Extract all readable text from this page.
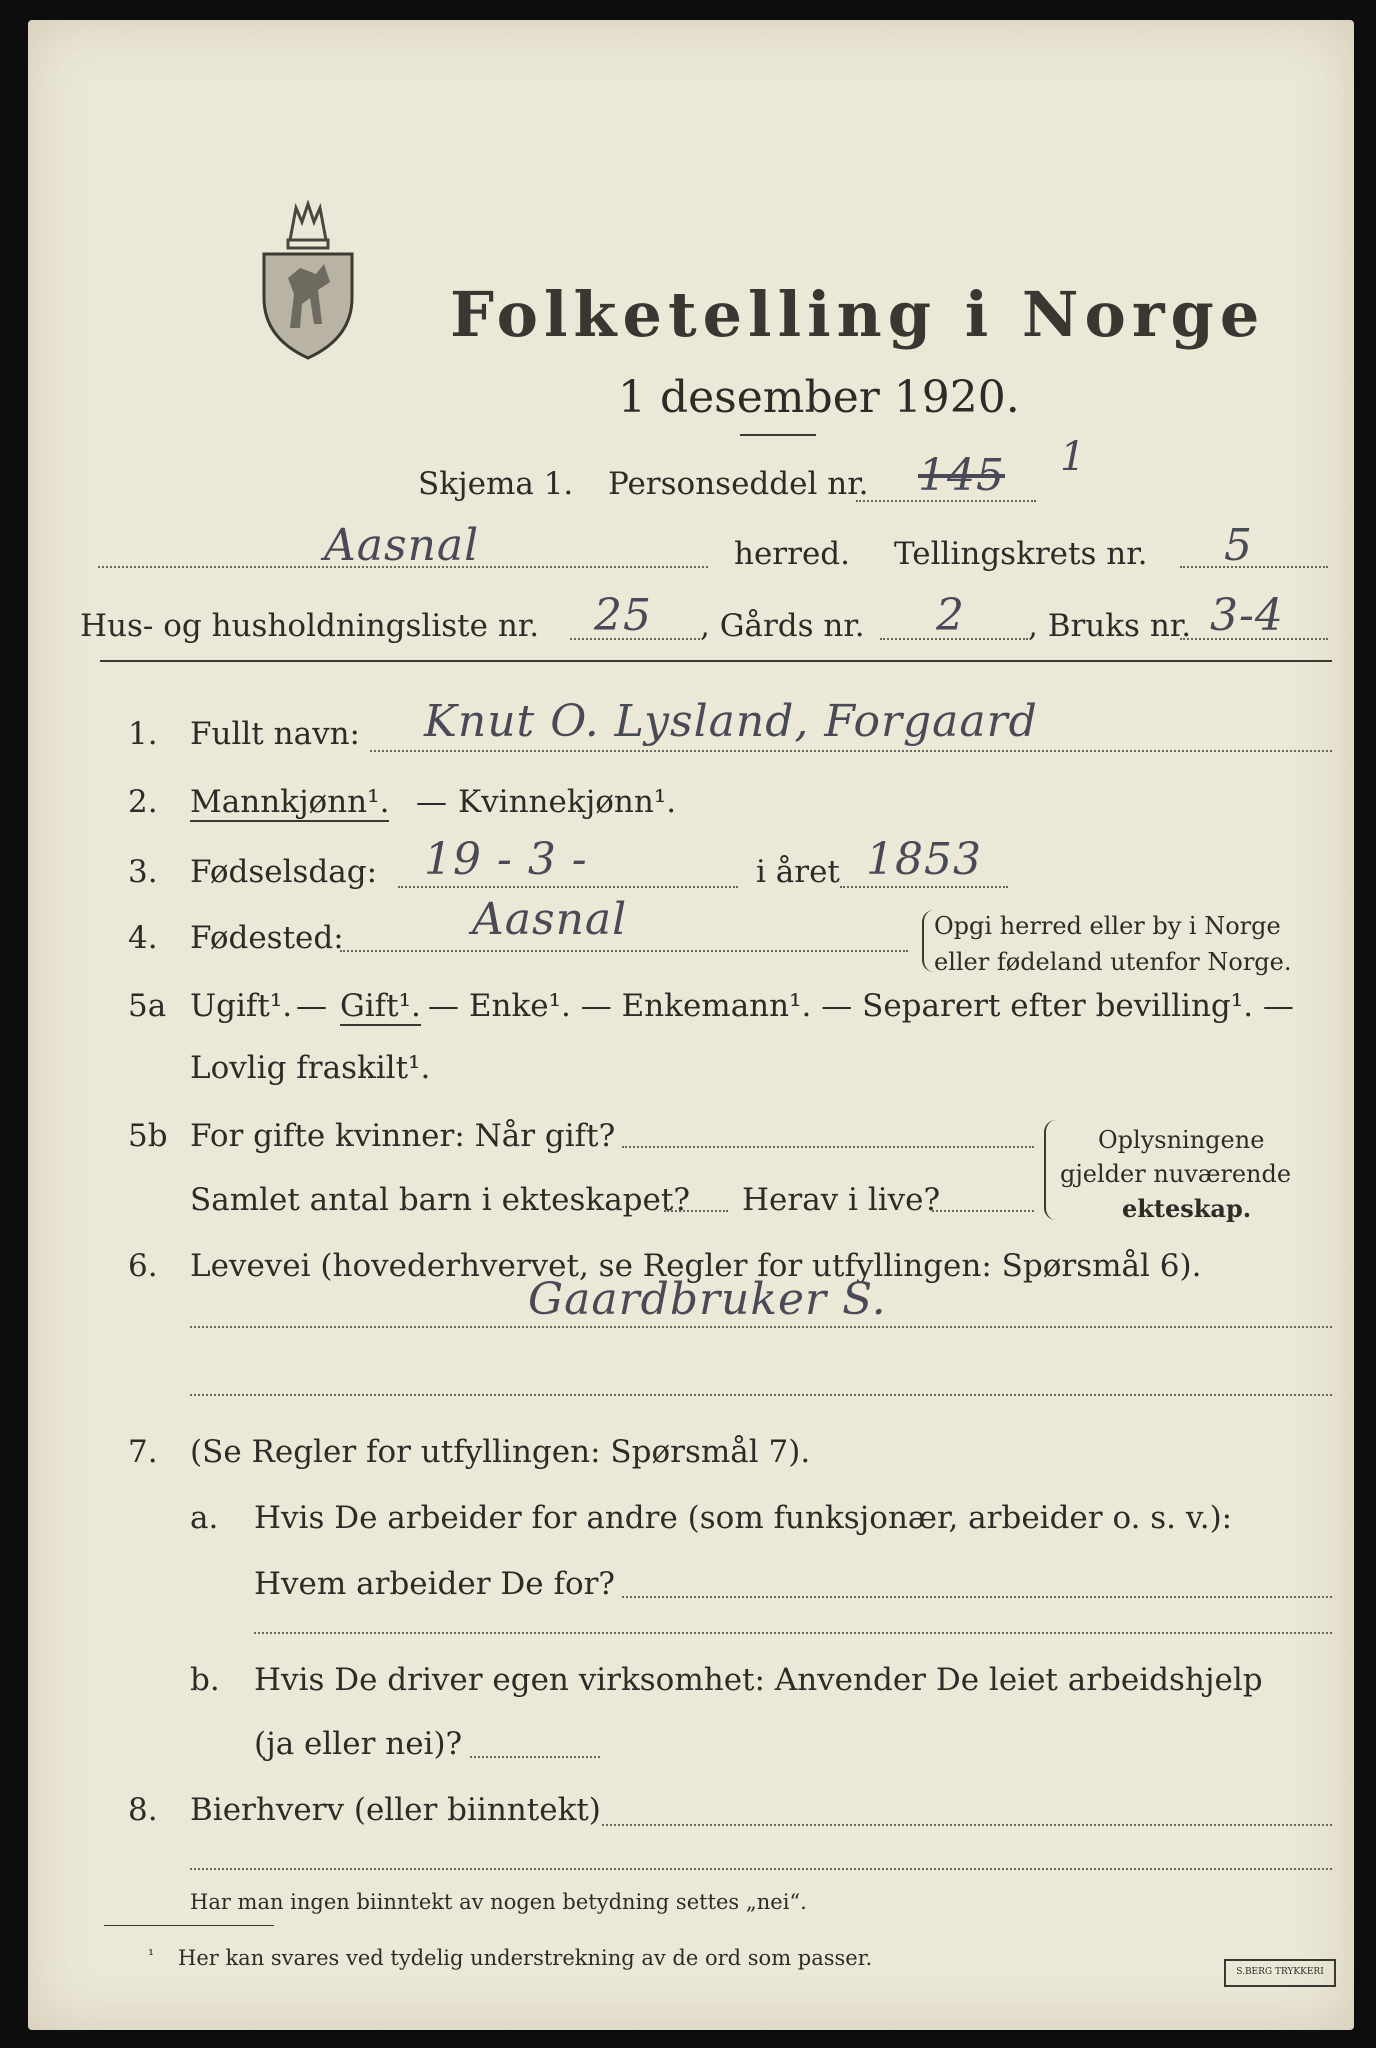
Folketelling i Norge
1 desember 1920.
Skjema 1. Personseddel nr. 145 1
Aasnal	herred. Tellingskrets nr. 5
Hus- og husholdningsliste nr. 25 , Gårds nr. 2 , Bruks nr. 3-4
1. Fullt navn: Knut O. Lysland, Forgaard
2. Mannkjønn¹. — Kvinnekjønn¹.
3. Fødselsdag: 19 - 3 -	i året 1853
4. Fødested:	Aasnal	Opgi herred eller by i Norge
eller fødeland utenfor Norge.
5a Ugift¹. — Gift¹. — Enke¹. — Enkemann¹. — Separert efter bevilling¹. —
Lovlig fraskilt¹.
5b For gifte kvinner: Når gift?
Samlet antal barn i ekteskapet? Herav i live?
Oplysningene
gjelder nuværende
ekteskap.
6. Levevei (hovederhvervet, se Regler for utfyllingen: Spørsmål 6).
Gaardbruker S.
7. (Se Regler for utfyllingen: Spørsmål 7).
a. Hvis De arbeider for andre (som funksjonær, arbeider o. s. v.):
Hvem arbeider De for?
b. Hvis De driver egen virksomhet: Anvender De leiet arbeidshjelp
(ja eller nei)?
8. Bierhverv (eller biinntekt)
Har man ingen biinntekt av nogen betydning settes „nei“.
¹ Her kan svares ved tydelig understrekning av de ord som passer.
S.BERG TRYKKERI
